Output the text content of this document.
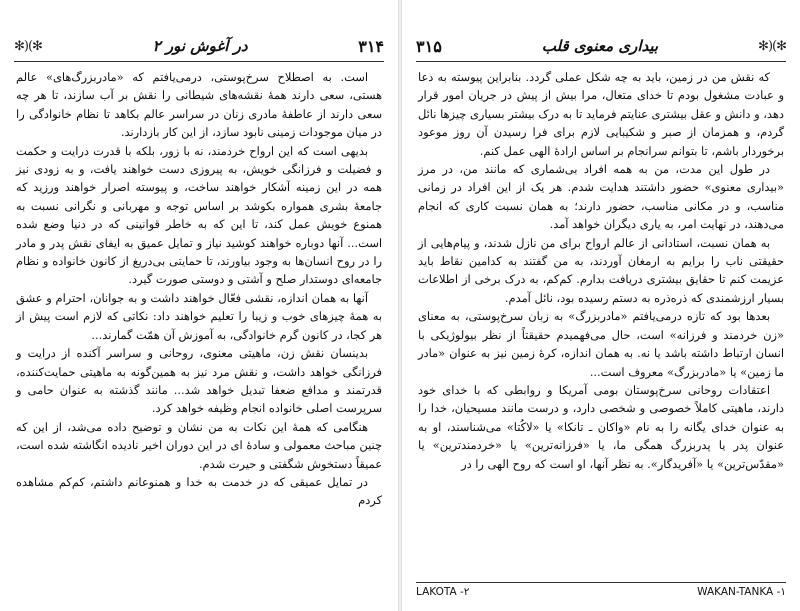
✻)(✻	در آغوش نور ۲	۳۱۴

است. به اصطلاح سرخ‌پوستی، درمی‌یافتم که «مادربزرگ‌های» عالم هستی، سعی دارند همهٔ نقشه‌های شیطانی را نقش بر آب سازند، تا هر چه سعی دارند از عاطفهٔ مادری زنان در سراسر عالم بکاهد تا نظام خانوادگی را در میان موجودات زمینی نابود سازد، از این کار بازدارند.

بدیهی است که این ارواح خردمند، نه با زور، بلکه با قدرت درایت و حکمت و فضیلت و فرزانگی خویش، به پیروزی دست خواهند یافت، و به زودی نیز همه در این زمینه آشکار خواهند ساخت، و پیوسته اصرار خواهند ورزید که جامعهٔ بشری همواره بکوشد بر اساس توجه و مهربانی و نگرانی نسبت به همنوع خویش عمل کند، تا این که به خاطر قوانینی که در دنیا وضع شده است... آنها دوباره خواهند کوشید نیاز و تمایل عمیق به ایفای نقش پدر و مادر را در روح انسان‌ها به وجود بیاورند، تا حمایتی بی‌دریغ از کانون خانواده و نظام جامعه‌ای دوستدار صلح و آشتی و دوستی صورت گیرد.

آنها به همان اندازه، نقشی فعّال خواهند داشت و به جوانان، احترام و عشق به همهٔ چیزهای خوب و زیبا را تعلیم خواهند داد: نکاتی که لازم است پیش از هر کجا، در کانون گرم خانوادگی، به آموزش آن همّت گمارند...

بدینسان نقش زن، ماهیتی معنوی، روحانی و سراسر آکنده از درایت و فرزانگی خواهد داشت، و نقش مرد نیز به همین‌گونه به ماهیتی حمایت‌کننده، قدرتمند و مدافع ضعفا تبدیل خواهد شد... مانند گذشته به عنوان حامی و سرپرست اصلی خانواده انجام وظیفه خواهد کرد.

هنگامی که همهٔ این نکات به من نشان و توضیح داده می‌شد، از این که چنین مباحث معمولی و سادهٔ ای در این دوران اخیر نادیده انگاشته شده است، عمیقاً دستخوش شگفتی و حیرت شدم.

در تمایل عمیقی که در خدمت به خدا و همنوعانم داشتم، کم‌کم مشاهده کردم

۳۱۵	بیداری معنوی قلب	✻)(✻

که نقش من در زمین، باید به چه شکل عملی گردد. بنابراین پیوسته به دعا و عبادت مشغول بودم تا خدای متعال، مرا بیش از پیش در جریان امور قرار دهد، و دانش و عقل بیشتری عنایتم فرماید تا به درک بیشتر بسیاری چیزها نائل گردم، و همزمان از صبر و شکیبایی لازم برای فرا رسیدن آن روز موعود برخوردار باشم، تا بتوانم سرانجام بر اساس ارادهٔ الهی عمل کنم.

در طول این مدت، من به همه افراد بی‌شماری که مانند من، در مرز «بیداری معنوی» حضور داشتند هدایت شدم. هر یک از این افراد در زمانی مناسب، و در مکانی مناسب، حضور دارند؛ به همان نسبت کاری که انجام می‌دهند، در نهایت امر، به یاری دیگران خواهد آمد.

به همان نسبت، استادانی از عالم ارواح برای من نازل شدند، و پیام‌هایی از حقیقتی ناب را برایم به ارمغان آوردند، به من گفتند به کدامین نقاط باید عزیمت کنم تا حقایق بیشتری دریافت بدارم. کم‌کم، به درک برخی از اطلاعات بسیار ارزشمندی که ذره‌ذره به دستم رسیده بود، نائل آمدم.

بعدها بود که تازه درمی‌یافتم «مادربزرگ» به زبان سرخ‌پوستی، به معنای «زن خردمند و فرزانه» است، حال می‌فهمیدم حقیقتاً از نظر بیولوژیکی با انسان ارتباط داشته باشد یا نه. به همان اندازه، کرهٔ زمین نیز به عنوان «مادر ما زمین» یا «مادربزرگ» معروف است...

اعتقادات روحانی سرخ‌پوستان بومی آمریکا و روابطی که با خدای خود دارند، ماهیتی کاملاً خصوصی و شخصی دارد، و درست مانند مسیحیان، خدا را به عنوان خدای یگانه را به نام «واکان ـ تانکا» یا «لاکُتا» می‌شناسند، او به عنوان پدر یا پدربزرگ همگی ما، یا «فرزانه‌ترین» یا «خردمندترین» یا «مقدّس‌ترین» یا «آفریدگار». به نظر آنها، او است که روح الهی را در

LAKOTA -۲	WAKAN-TANKA -۱
